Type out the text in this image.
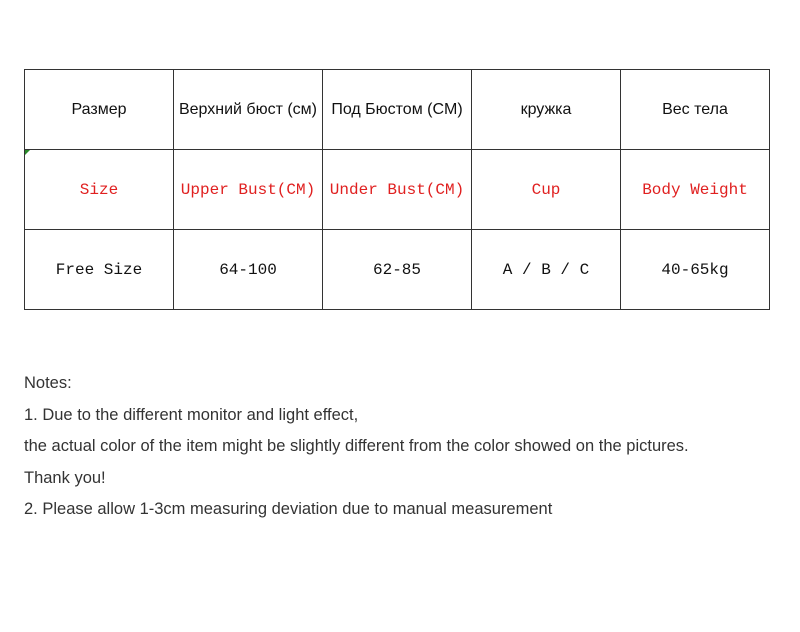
Размер	Верхний бюст (см)	Под Бюстом (CM)	кружка	Вес тела

Size	Upper Bust(CM)	Under Bust(CM)	Cup	Body Weight
Free Size	64-100	62-85	A / B / C	40-65kg
Notes:
1. Due to the different monitor and light effect,
the actual color of the item might be slightly different from the color showed on the pictures.
Thank you!
2. Please allow 1-3cm measuring deviation due to manual measurement
